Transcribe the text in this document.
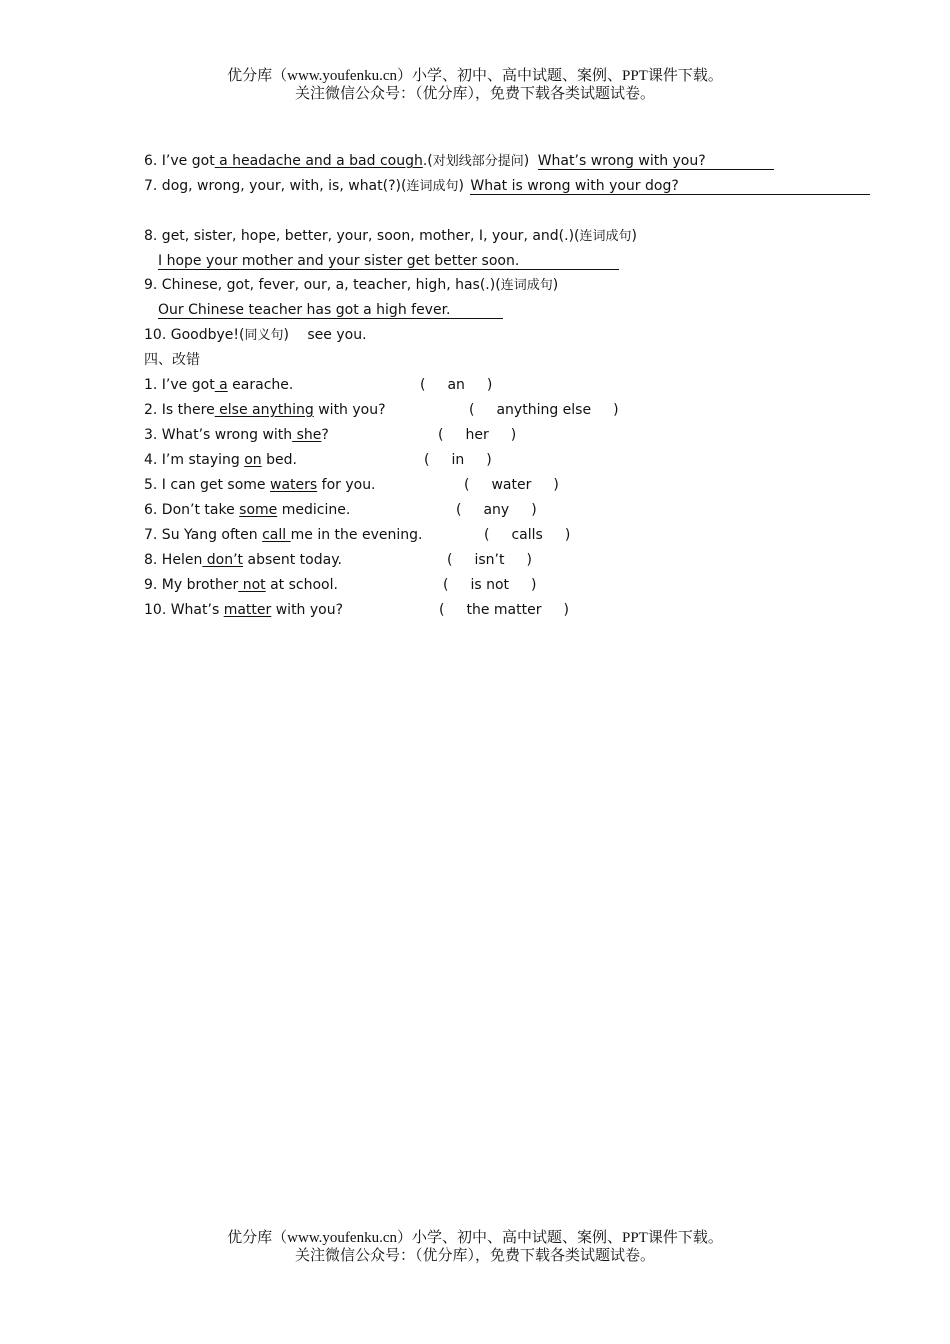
优分库（www.youfenku.cn）小学、初中、高中试题、案例、PPT课件下载。
关注微信公众号：（优分库），免费下载各类试题试卷。
6. I’ve got a headache and a bad cough.(对划线部分提问) What’s wrong with you?
7. dog, wrong, your, with, is, what(?)(连词成句) What is wrong with your dog?
8. get, sister, hope, better, your, soon, mother, I, your, and(.)(连词成句)
I hope your mother and your sister get better soon.
9. Chinese, got, fever, our, a, teacher, high, has(.)(连词成句)
Our Chinese teacher has got a high fever.
10. Goodbye!(同义句) see you.
四、改错
1. I’ve got a earache.	( an )
2. Is there else anything with you?	( anything else )
3. What’s wrong with she?	( her )
4. I’m staying on bed.	( in )
5. I can get some waters for you.	( water )
6. Don’t take some medicine.	( any )
7. Su Yang often call me in the evening.	( calls )
8. Helen don’t absent today.	( isn’t )
9. My brother not at school.	( is not )
10. What’s matter with you?	( the matter )
优分库（www.youfenku.cn）小学、初中、高中试题、案例、PPT课件下载。
关注微信公众号：（优分库），免费下载各类试题试卷。
